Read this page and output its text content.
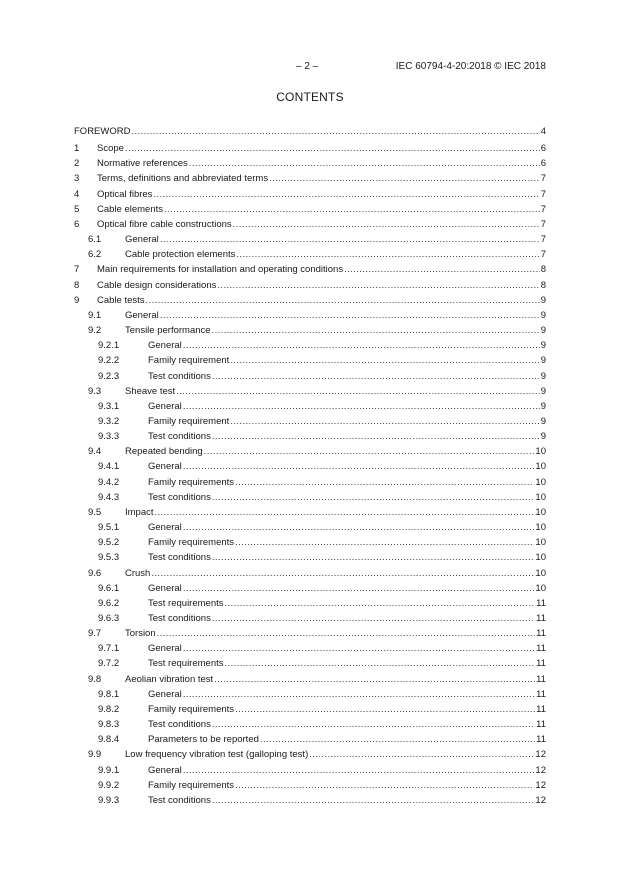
– 2 –	IEC 60794-4-20:2018 © IEC 2018
CONTENTS
FOREWORD .....	4
1 Scope .....	6
2 Normative references .....	6
3 Terms, definitions and abbreviated terms .....	7
4 Optical fibres .....	7
5 Cable elements .....	7
6 Optical fibre cable constructions .....	7
6.1	General .....	7
6.2	Cable protection elements .....	7
7 Main requirements for installation and operating conditions .....	8
8 Cable design considerations .....	8
9 Cable tests .....	9
9.1	General .....	9
9.2	Tensile performance .....	9
9.2.1	General .....	9
9.2.2	Family requirement .....	9
9.2.3	Test conditions .....	9
9.3	Sheave test .....	9
9.3.1	General .....	9
9.3.2	Family requirement .....	9
9.3.3	Test conditions .....	9
9.4	Repeated bending .....	10
9.4.1	General .....	10
9.4.2	Family requirements .....	10
9.4.3	Test conditions .....	10
9.5	Impact .....	10
9.5.1	General .....	10
9.5.2	Family requirements .....	10
9.5.3	Test conditions .....	10
9.6	Crush .....	10
9.6.1	General .....	10
9.6.2	Test requirements .....	11
9.6.3	Test conditions .....	11
9.7	Torsion .....	11
9.7.1	General .....	11
9.7.2	Test requirements .....	11
9.8	Aeolian vibration test .....	11
9.8.1	General .....	11
9.8.2	Family requirements .....	11
9.8.3	Test conditions .....	11
9.8.4	Parameters to be reported .....	11
9.9	Low frequency vibration test (galloping test) .....	12
9.9.1	General .....	12
9.9.2	Family requirements .....	12
9.9.3	Test conditions .....	12
